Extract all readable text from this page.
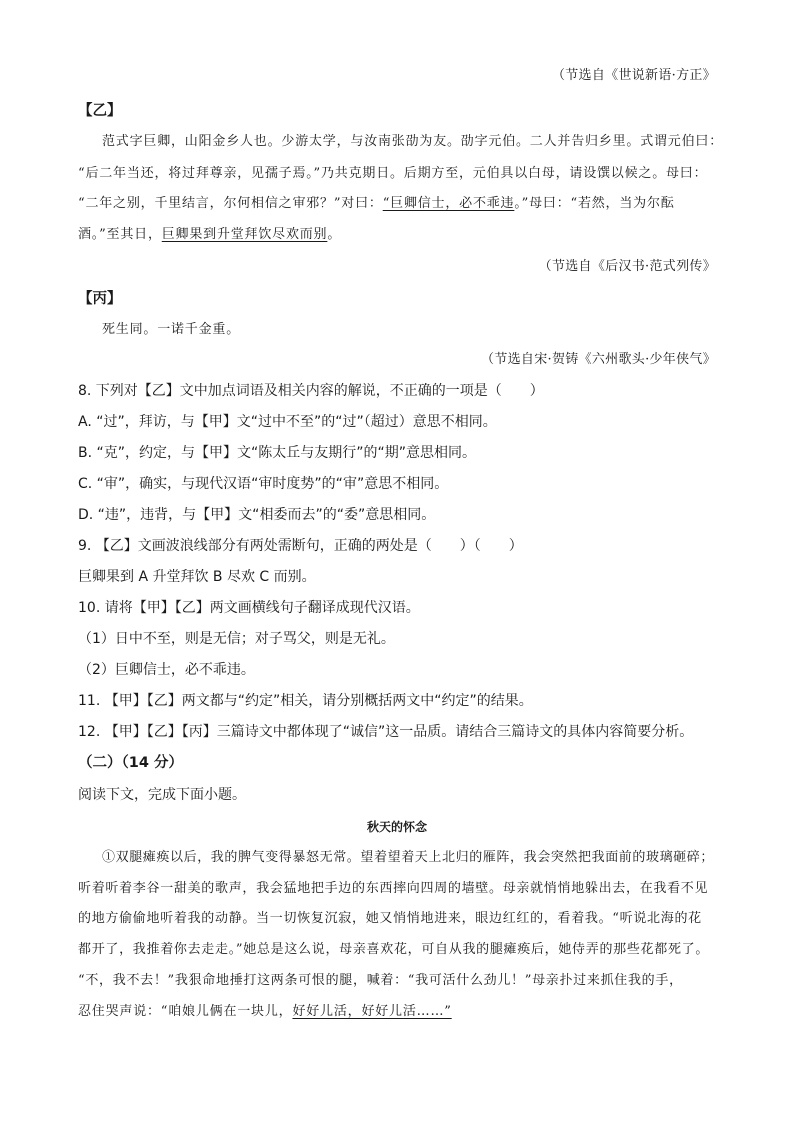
（节选自《世说新语·方正》
【乙】
范式字巨卿，山阳金乡人也。少游太学，与汝南张劭为友。劭字元伯。二人并告归乡里。式谓元伯曰：
“后二年当还，将过拜尊亲，见孺子焉。”乃共克期日。后期方至，元伯具以白母，请设馔以候之。母曰：
“二年之别，千里结言，尔何相信之审邪？”对曰：“巨卿信士，必不乖违。”母曰：“若然，当为尔酝
酒。”至其日，巨卿果到升堂拜饮尽欢而别。
（节选自《后汉书·范式列传》
【丙】
死生同。一诺千金重。
（节选自宋·贺铸《六州歌头·少年侠气》
8. 下列对【乙】文中加点词语及相关内容的解说，不正确的一项是（　　）
A. “过”，拜访，与【甲】文“过中不至”的“过”（超过）意思不相同。
B. “克”，约定，与【甲】文“陈太丘与友期行”的“期”意思相同。
C. “审”，确实，与现代汉语“审时度势”的“审”意思不相同。
D. “违”，违背，与【甲】文“相委而去”的“委”意思相同。
9. 【乙】文画波浪线部分有两处需断句，正确的两处是（　　）（　　）
巨卿果到 A 升堂拜饮 B 尽欢 C 而别。
10. 请将【甲】【乙】两文画横线句子翻译成现代汉语。
（1）日中不至，则是无信；对子骂父，则是无礼。
（2）巨卿信士，必不乖违。
11. 【甲】【乙】两文都与“约定”相关，请分别概括两文中“约定”的结果。
12. 【甲】【乙】【丙】三篇诗文中都体现了“诚信”这一品质。请结合三篇诗文的具体内容简要分析。
（二）（14 分）
阅读下文，完成下面小题。
秋天的怀念
①双腿瘫痪以后，我的脾气变得暴怒无常。望着望着天上北归的雁阵，我会突然把我面前的玻璃砸碎；
听着听着李谷一甜美的歌声，我会猛地把手边的东西摔向四周的墙壁。母亲就悄悄地躲出去，在我看不见
的地方偷偷地听着我的动静。当一切恢复沉寂，她又悄悄地进来，眼边红红的，看着我。“听说北海的花
都开了，我推着你去走走。”她总是这么说，母亲喜欢花，可自从我的腿瘫痪后，她侍弄的那些花都死了。
“不，我不去！”我狠命地捶打这两条可恨的腿，喊着：“我可活什么劲儿！”母亲扑过来抓住我的手，
忍住哭声说：“咱娘儿俩在一块儿，好好儿活，好好儿活……”
